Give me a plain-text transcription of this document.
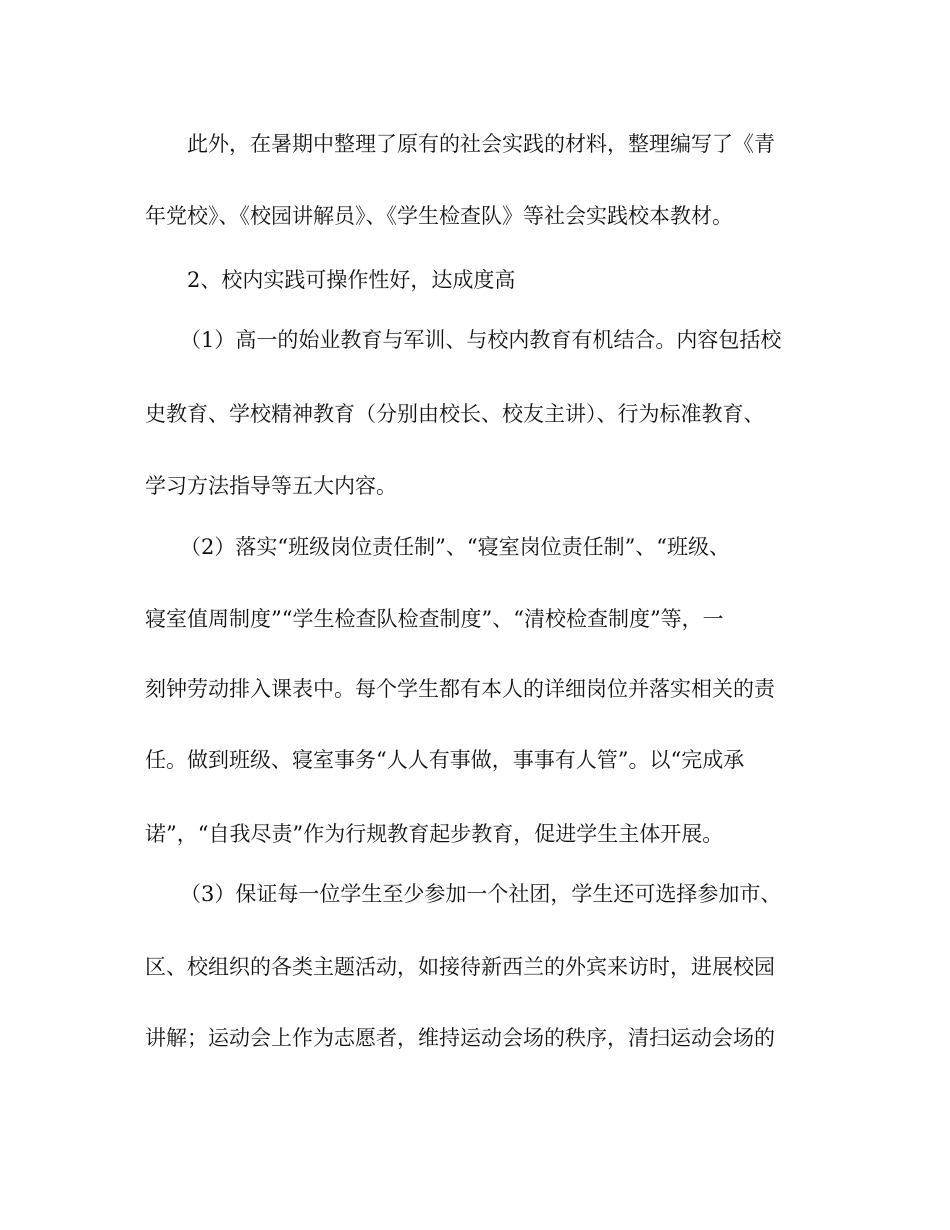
此外，在暑期中整理了原有的社会实践的材料，整理编写了《青
年党校》、《校园讲解员》、《学生检查队》等社会实践校本教材。
2、校内实践可操作性好，达成度高
（1）高一的始业教育与军训、与校内教育有机结合。内容包括校
史教育、学校精神教育（分别由校长、校友主讲）、行为标准教育、
学习方法指导等五大内容。
（2）落实“班级岗位责任制”、“寝室岗位责任制”、“班级、
寝室值周制度”“学生检查队检查制度”、“清校检查制度”等，一
刻钟劳动排入课表中。每个学生都有本人的详细岗位并落实相关的责
任。做到班级、寝室事务“人人有事做，事事有人管”。以“完成承
诺”，“自我尽责”作为行规教育起步教育，促进学生主体开展。
（3）保证每一位学生至少参加一个社团，学生还可选择参加市、
区、校组织的各类主题活动，如接待新西兰的外宾来访时，进展校园
讲解；运动会上作为志愿者，维持运动会场的秩序，清扫运动会场的
